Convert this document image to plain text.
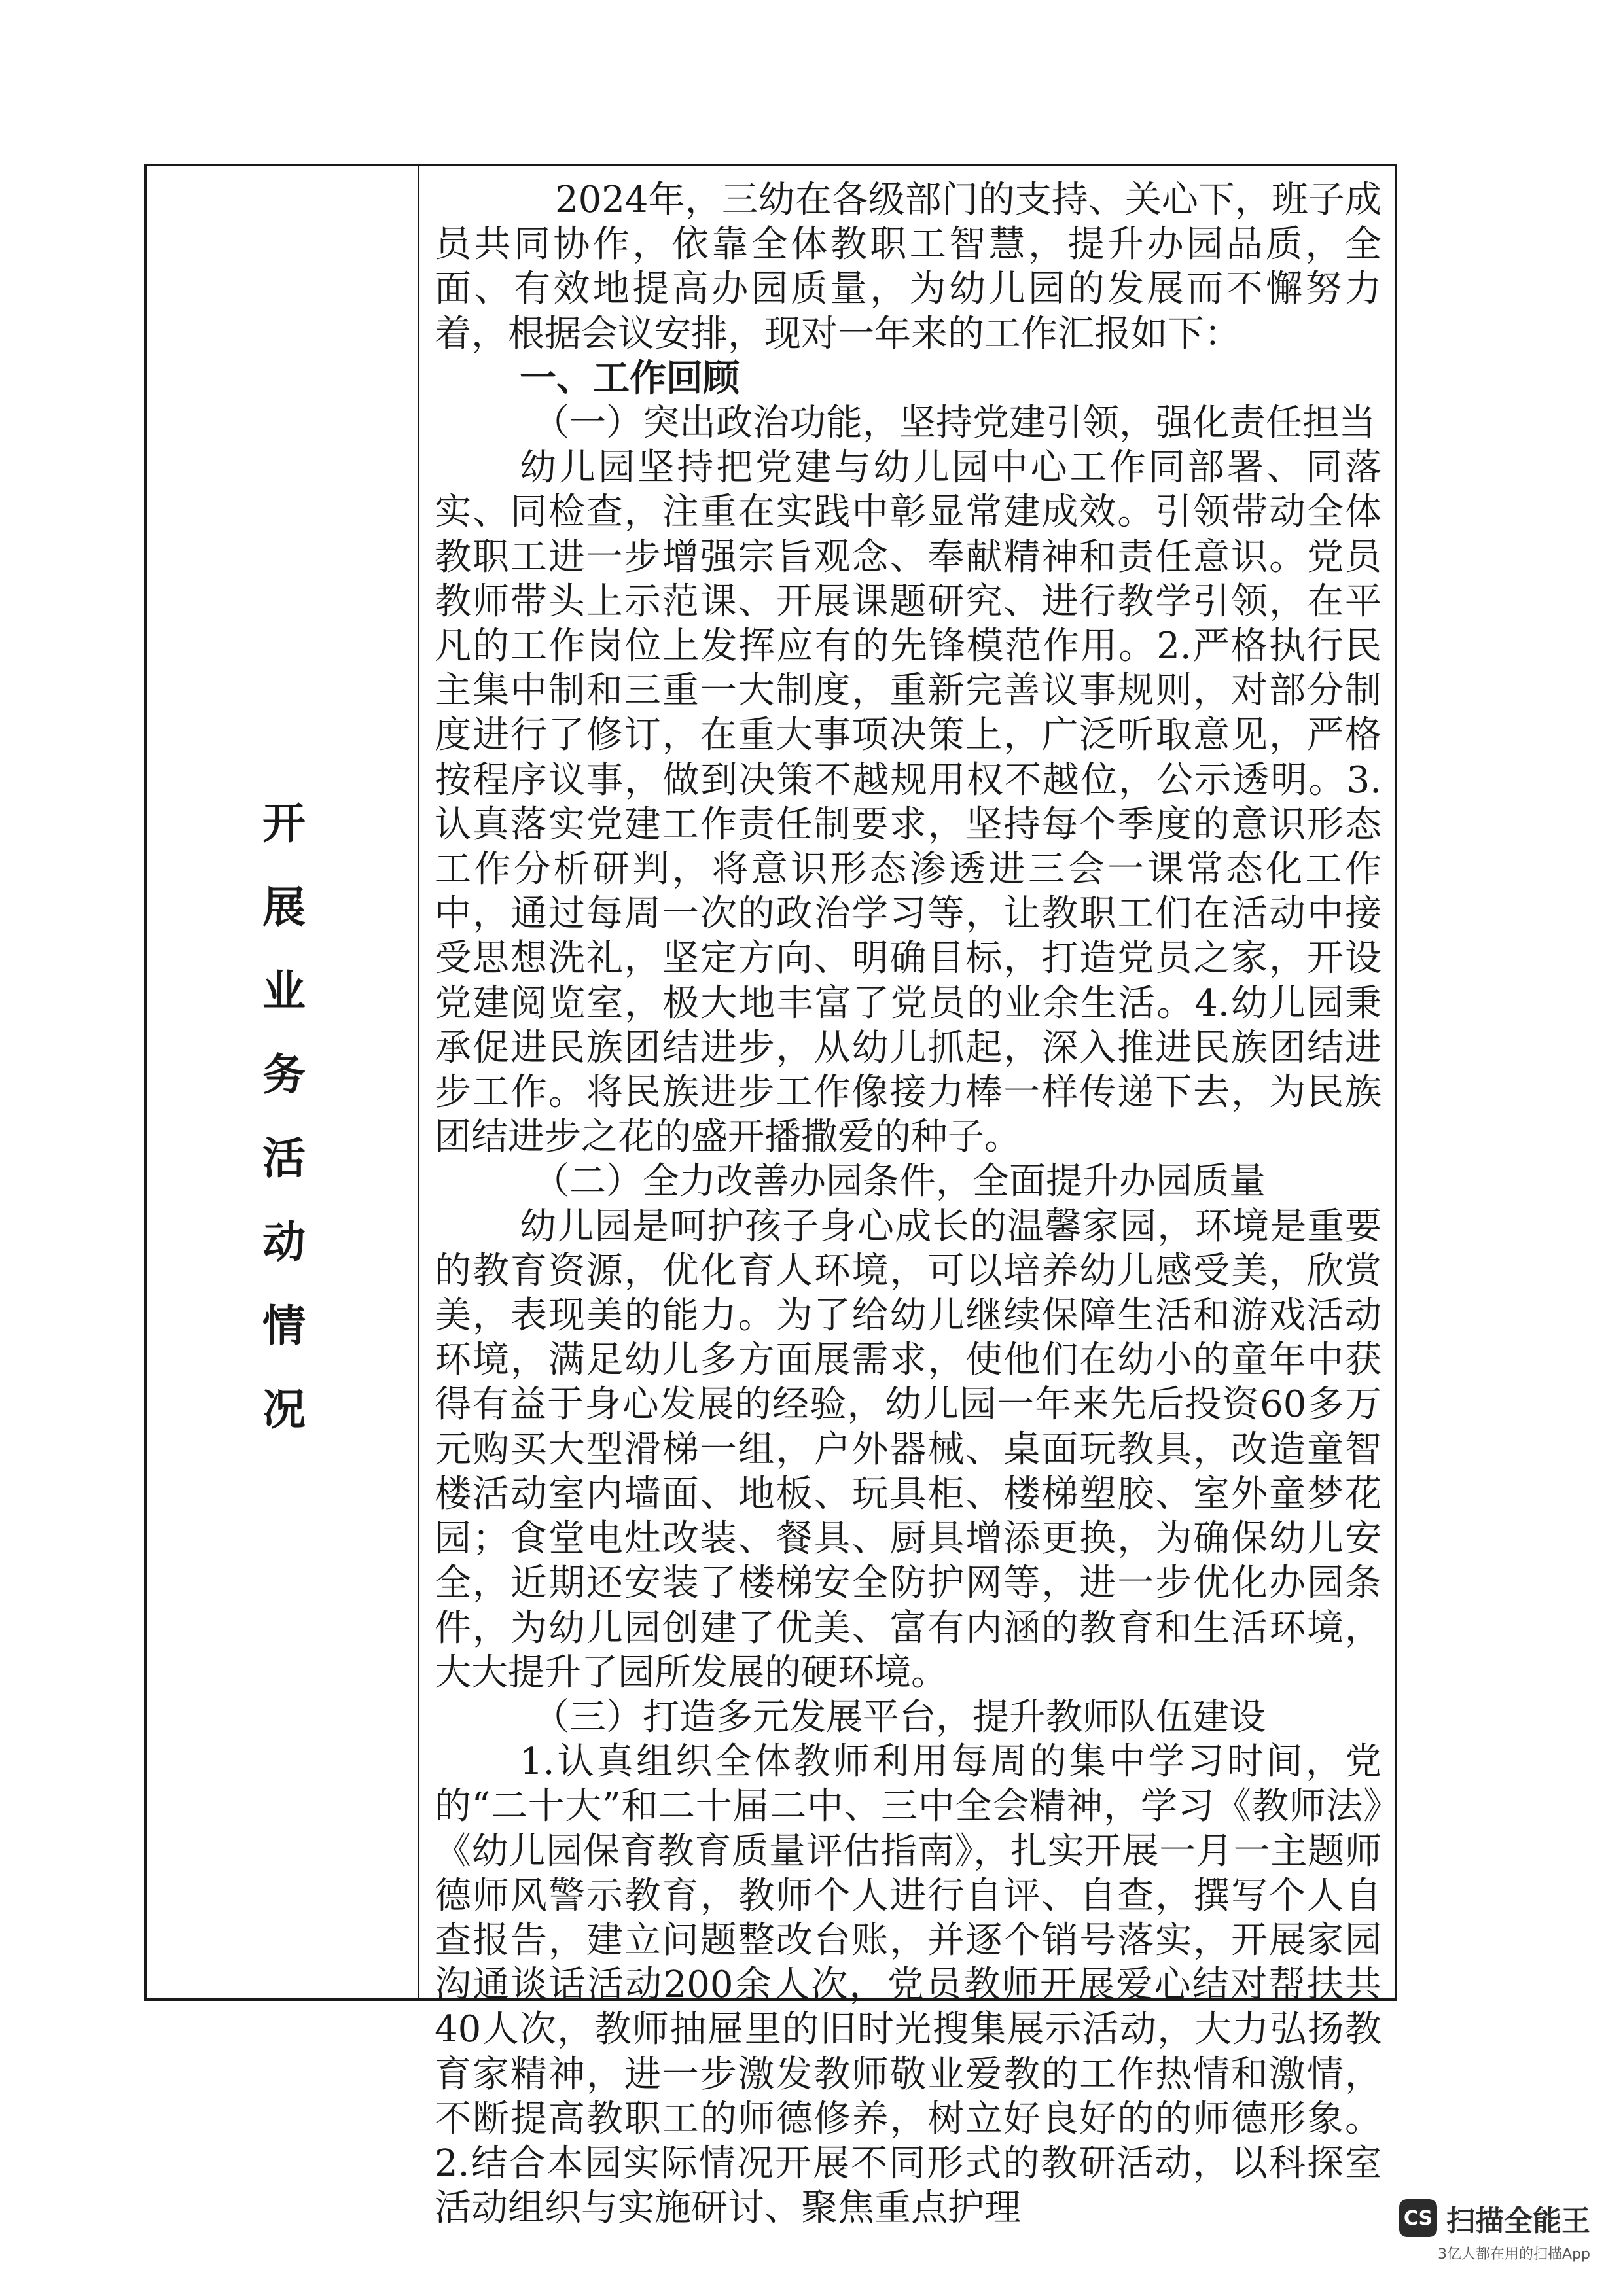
开
展
业
务
活
动
情
况

2024年，三幼在各级部门的支持、关心下，班子成员共同协作，依靠全体教职工智慧，提升办园品质，全面、有效地提高办园质量，为幼儿园的发展而不懈努力着，根据会议安排，现对一年来的工作汇报如下：

一、工作回顾

（一）突出政治功能，坚持党建引领，强化责任担当

幼儿园坚持把党建与幼儿园中心工作同部署、同落实、同检查，注重在实践中彰显常建成效。引领带动全体教职工进一步增强宗旨观念、奉献精神和责任意识。党员教师带头上示范课、开展课题研究、进行教学引领，在平凡的工作岗位上发挥应有的先锋模范作用。2.严格执行民主集中制和三重一大制度，重新完善议事规则，对部分制度进行了修订，在重大事项决策上，广泛听取意见，严格按程序议事，做到决策不越规用权不越位，公示透明。3.认真落实党建工作责任制要求，坚持每个季度的意识形态工作分析研判，将意识形态渗透进三会一课常态化工作中，通过每周一次的政治学习等，让教职工们在活动中接受思想洗礼，坚定方向、明确目标，打造党员之家，开设党建阅览室，极大地丰富了党员的业余生活。4.幼儿园秉承促进民族团结进步，从幼儿抓起，深入推进民族团结进步工作。将民族进步工作像接力棒一样传递下去，为民族团结进步之花的盛开播撒爱的种子。

（二）全力改善办园条件，全面提升办园质量

幼儿园是呵护孩子身心成长的温馨家园，环境是重要的教育资源，优化育人环境，可以培养幼儿感受美，欣赏美，表现美的能力。为了给幼儿继续保障生活和游戏活动环境，满足幼儿多方面展需求，使他们在幼小的童年中获得有益于身心发展的经验，幼儿园一年来先后投资60多万元购买大型滑梯一组，户外器械、桌面玩教具，改造童智楼活动室内墙面、地板、玩具柜、楼梯塑胶、室外童梦花园；食堂电灶改装、餐具、厨具增添更换，为确保幼儿安全，近期还安装了楼梯安全防护网等，进一步优化办园条件，为幼儿园创建了优美、富有内涵的教育和生活环境，大大提升了园所发展的硬环境。

（三）打造多元发展平台，提升教师队伍建设

1.认真组织全体教师利用每周的集中学习时间，党的“二十大”和二十届二中、三中全会精神，学习《教师法》《幼儿园保育教育质量评估指南》，扎实开展一月一主题师德师风警示教育，教师个人进行自评、自查，撰写个人自查报告，建立问题整改台账，并逐个销号落实，开展家园沟通谈话活动200余人次，党员教师开展爱心结对帮扶共40人次，教师抽屉里的旧时光搜集展示活动，大力弘扬教育家精神，进一步激发教师敬业爱教的工作热情和激情，不断提高教职工的师德修养，树立好良好的的师德形象。2.结合本园实际情况开展不同形式的教研活动，以科探室活动组织与实施研讨、聚焦重点护理	CS 扫描全能王
3亿人都在用的扫描App
